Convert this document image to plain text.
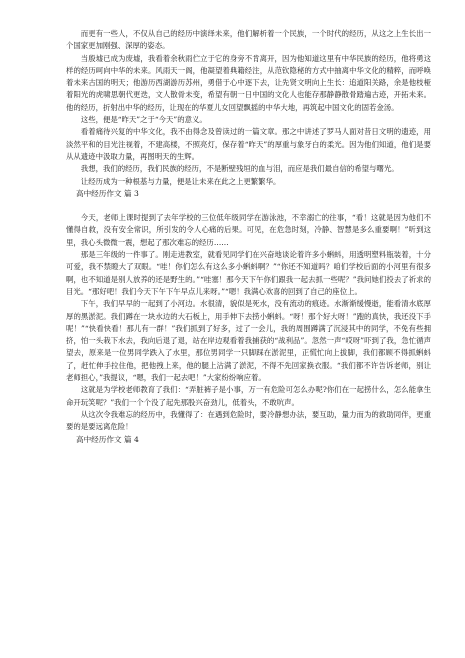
而更有一些人，不仅从自己的经历中演绎未来，他们解析着一个民族，一个时代的经历，从这之上生长出一个国家更加刚强、深厚的姿态。

当殷墟已成为废墟，我看着余秋雨伫立于它的身旁不肯离开，因为他知道这里有中华民族的经历，他将勇这样的经历呵向中华的未来。风雨天一阁，他凝望着典籍经注，从范钦隐秘的方式中抽离中华文化的精粹，而呼唤着未来古国的明天；他游历西湖游历苏州，勇借于心中逐下去，让先贤文明向上生长：追道阳关路，余是他枝桠着阳光的虎啸思朝代更迭，文人散骨未变，希望有朝一日中国的文化人也能存那静静散骨踏遍古迹，开拓未来。他的经历，折射出中华的经历，让现在的华夏儿女回望飘摇的中华大地，再筑起中国文化的固若金汤。

这些，便是“昨天”之于“今天”的意义。

看着痛待兴复的中华文化，我不由得念及曾读过的一篇文章。那之中讲述了罗马人面对昔日文明的遗迹，用淡然平和的目光注视着，不建高楼，不照亮灯，保存着“昨天”的厚重与象牙白的柔光。因为他们知道，他们是要从从遗迹中汲取力量，再图明天的生辉。

我想，我们的经历，我们民族的经历，不是断壁残垣的血与泪，而应是我们最自信的希望与曙光。

让经历成为一种根基与力量，便是让未来在此之上更繁繁华。

高中经历作文 篇 3

今天，老师上课时提到了去年学校的三位低年级同学在游泳池，不幸溺亡的往事，“看！这就是因为他们不懂得自救，没有安全常识，所引发的令人心痛的后果。可见，在危急时刻，冷静、智慧是多么重要啊！”听到这里，我心头微微一震，想起了那次难忘的经历……

那是三年级的一件事了。刚走进教室，就看见同学们在兴奋地谈论着许多小蝌蚪，用透明塑料瓶装着，十分可爱，我不禁瞪大了双眼。“哇！你们怎么有这么多小蝌蚪啊？”“你还不知道吗？咱们学校后面的小河里有很多啊，也不知道是别人放养的还是野生的。”“哇塞！那今天下午你们跟我一起去抓一些呢？”我问她们投去了祈求的目光。“那好吧！我们今天下午下午早点儿来呀。”“嗯！我满心欢喜的回到了自己的座位上。

下午，我们早早的一起到了小河边。水很清，貌似是死水，没有流动的痕迹。水渐渐缓慢逝，能看清水底厚厚的黑淤泥。我们蹲在一块水边的大石板上，用手伸下去捞小蝌蚪。“呀！那个好大呀！”跑的真快，我还没下手呢！”“快看快看！那儿有一群！”我们抓到了好多，过了一会儿，我的周围蹲满了沉浸其中的同学，不免有些拥挤，怕一头栽下水去，我向后退了退，站在岸边观看着我捕获的“战利品”。忽然一声“哎呀”吓到了我，急忙循声望去，原来是一位男同学跌入了水里，那位男同学一只脚踩在淤泥里，正慌忙向上拔脚，我们都顾不得抓蝌蚪了，赶忙伸手拉住他，把他拽上来，他的腿上沾满了淤泥，不得不先回家换衣服。“我们都不许告诉老师，别让老师担心，”我提议，“嗯，我们一起去吧！”大家纷纷响应着。

这就是为学校老师教育了我们：“弄脏裤子是小事，万一有危险可怎么办呢?你们在一起捞什么，怎么能拿生命开玩笑呢？”我们一个个没了起先那股兴奋劲儿，低着头，不敢吭声。

从这次令我难忘的经历中，我懂得了：在遇到危险时，要冷静想办法，要互助，量力而为的救助同伴，更重要的是要远离危险！

高中经历作文 篇 4
